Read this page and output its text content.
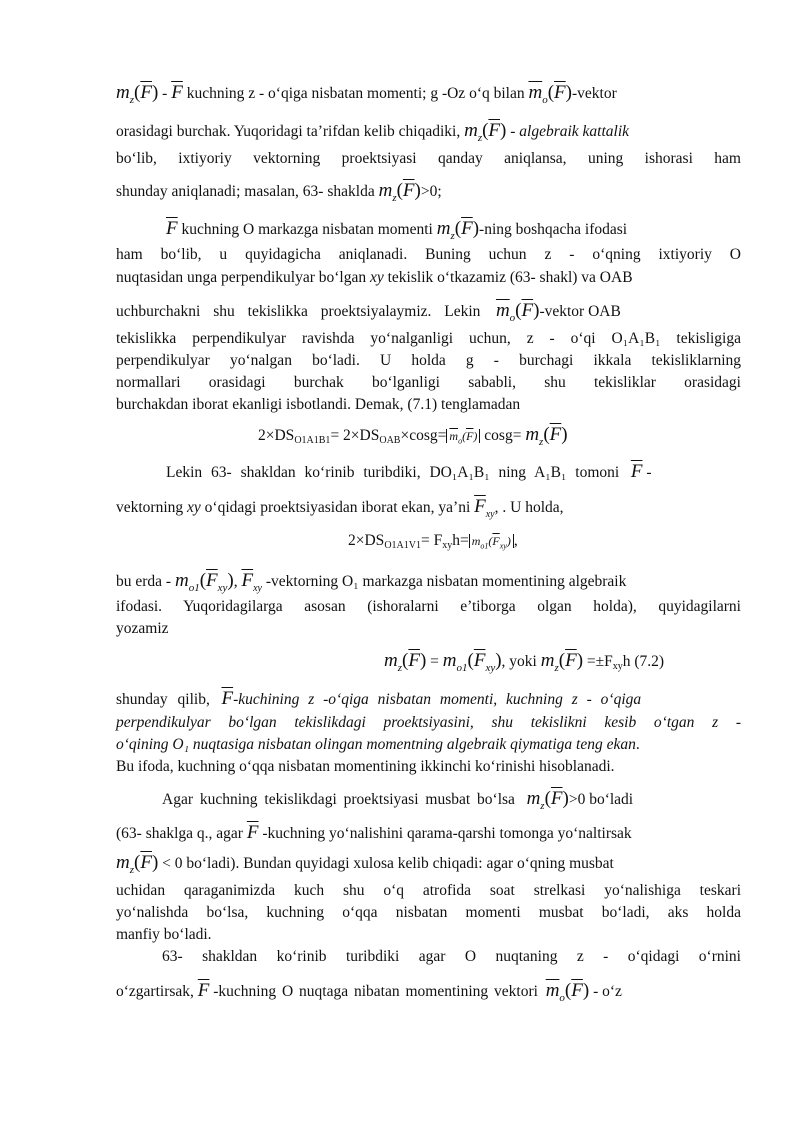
$m_z(\overline{F}) - \overline{F}$ kuchning z - o‘qiga nisbatan momenti; g -Oz o‘q bilan $\overline{m}_o(\overline{F})$-vektor
orasidagi burchak. Yuqoridagi ta’rifdan kelib chiqadiki, $m_z(\overline{F})$ - algebraik kattalik
bo‘lib, ixtiyoriy vektorning proektsiyasi qanday aniqlansa, uning ishorasi ham
shunday aniqlanadi; masalan, 63- shaklda $m_z(\overline{F})>0$;
$\overline{F}$ kuchning O markazga nisbatan momenti $m_z(\overline{F})$-ning boshqacha ifodasi
ham bo‘lib, u quyidagicha aniqlanadi. Buning uchun z - o‘qning ixtiyoriy O
nuqtasidan unga perpendikulyar bo‘lgan xy tekislik o‘tkazamiz (63- shakl) va OAB
uchburchakni shu tekislikka proektsiyalaymiz. Lekin $\overline{m}_o(\overline{F})$-vektor OAB
tekislikka perpendikulyar ravishda yo‘nalganligi uchun, z - o‘qi O₁A₁B₁ tekisligiga
perpendikulyar yo‘nalgan bo‘ladi. U holda g - burchagi ikkala tekisliklarning
normallari orasidagi burchak bo‘lganligi sababli, shu tekisliklar orasidagi
burchakdan iborat ekanligi isbotlandi. Demak, (7.1) tenglamadan
$2\times DS_{O1A1B1}= 2\times DS_{OAB}\times\cos g= \overline{m}_o(\overline{F})$ $\cos g= m_z(\overline{F})$
Lekin 63- shakldan ko‘rinib turibdiki, DO₁A₁B₁ ning A₁B₁ tomoni $\overline{F}$ -
vektorning xy o‘qidagi proektsiyasidan iborat ekan, ya’ni $\overline{F}_{xy}$, . U holda,
$2\times DS_{O1A1V1}= F_{xy}h= m_{o1}(\overline{F}_{xy})$ ,
bu erda - $m_{o1}(\overline{F}_{xy})$, $\overline{F}_{xy}$ -vektorning O₁ markazga nisbatan momentining algebraik
ifodasi. Yuqoridagilarga asosan (ishoralarni e’tiborga olgan holda), quyidagilarni
yozamiz
$m_z(\overline{F}) = m_{o1}(\overline{F}_{xy})$, yoki $m_z(\overline{F}) =\pm F_{xy}h$ (7.2)
shunday qilib, $\overline{F}$-kuchining z -o‘qiga nisbatan momenti, kuchning z - o‘qiga
perpendikulyar bo‘lgan tekislikdagi proektsiyasini, shu tekislikni kesib o‘tgan z -
o‘qining O₁ nuqtasiga nisbatan olingan momentning algebraik qiymatiga teng ekan.
Bu ifoda, kuchning o‘qqa nisbatan momentining ikkinchi ko‘rinishi hisoblanadi.
Agar kuchning tekislikdagi proektsiyasi musbat bo‘lsa $m_z(\overline{F})>0$ bo‘ladi
(63- shaklga q., agar $\overline{F}$ -kuchning yo‘nalishini qarama-qarshi tomonga yo‘naltirsak
$m_z(\overline{F}) < 0$ bo‘ladi). Bundan quyidagi xulosa kelib chiqadi: agar o‘qning musbat
uchidan qaraganimizda kuch shu o‘q atrofida soat strelkasi yo‘nalishiga teskari
yo‘nalishda bo‘lsa, kuchning o‘qqa nisbatan momenti musbat bo‘ladi, aks holda
manfiy bo‘ladi.
63- shakldan ko‘rinib turibdiki agar O nuqtaning z - o‘qidagi o‘rnini
o‘zgartirsak, $\overline{F}$ -kuchning O nuqtaga nibatan momentining vektori $\overline{m}_o(\overline{F})$ - o‘z
